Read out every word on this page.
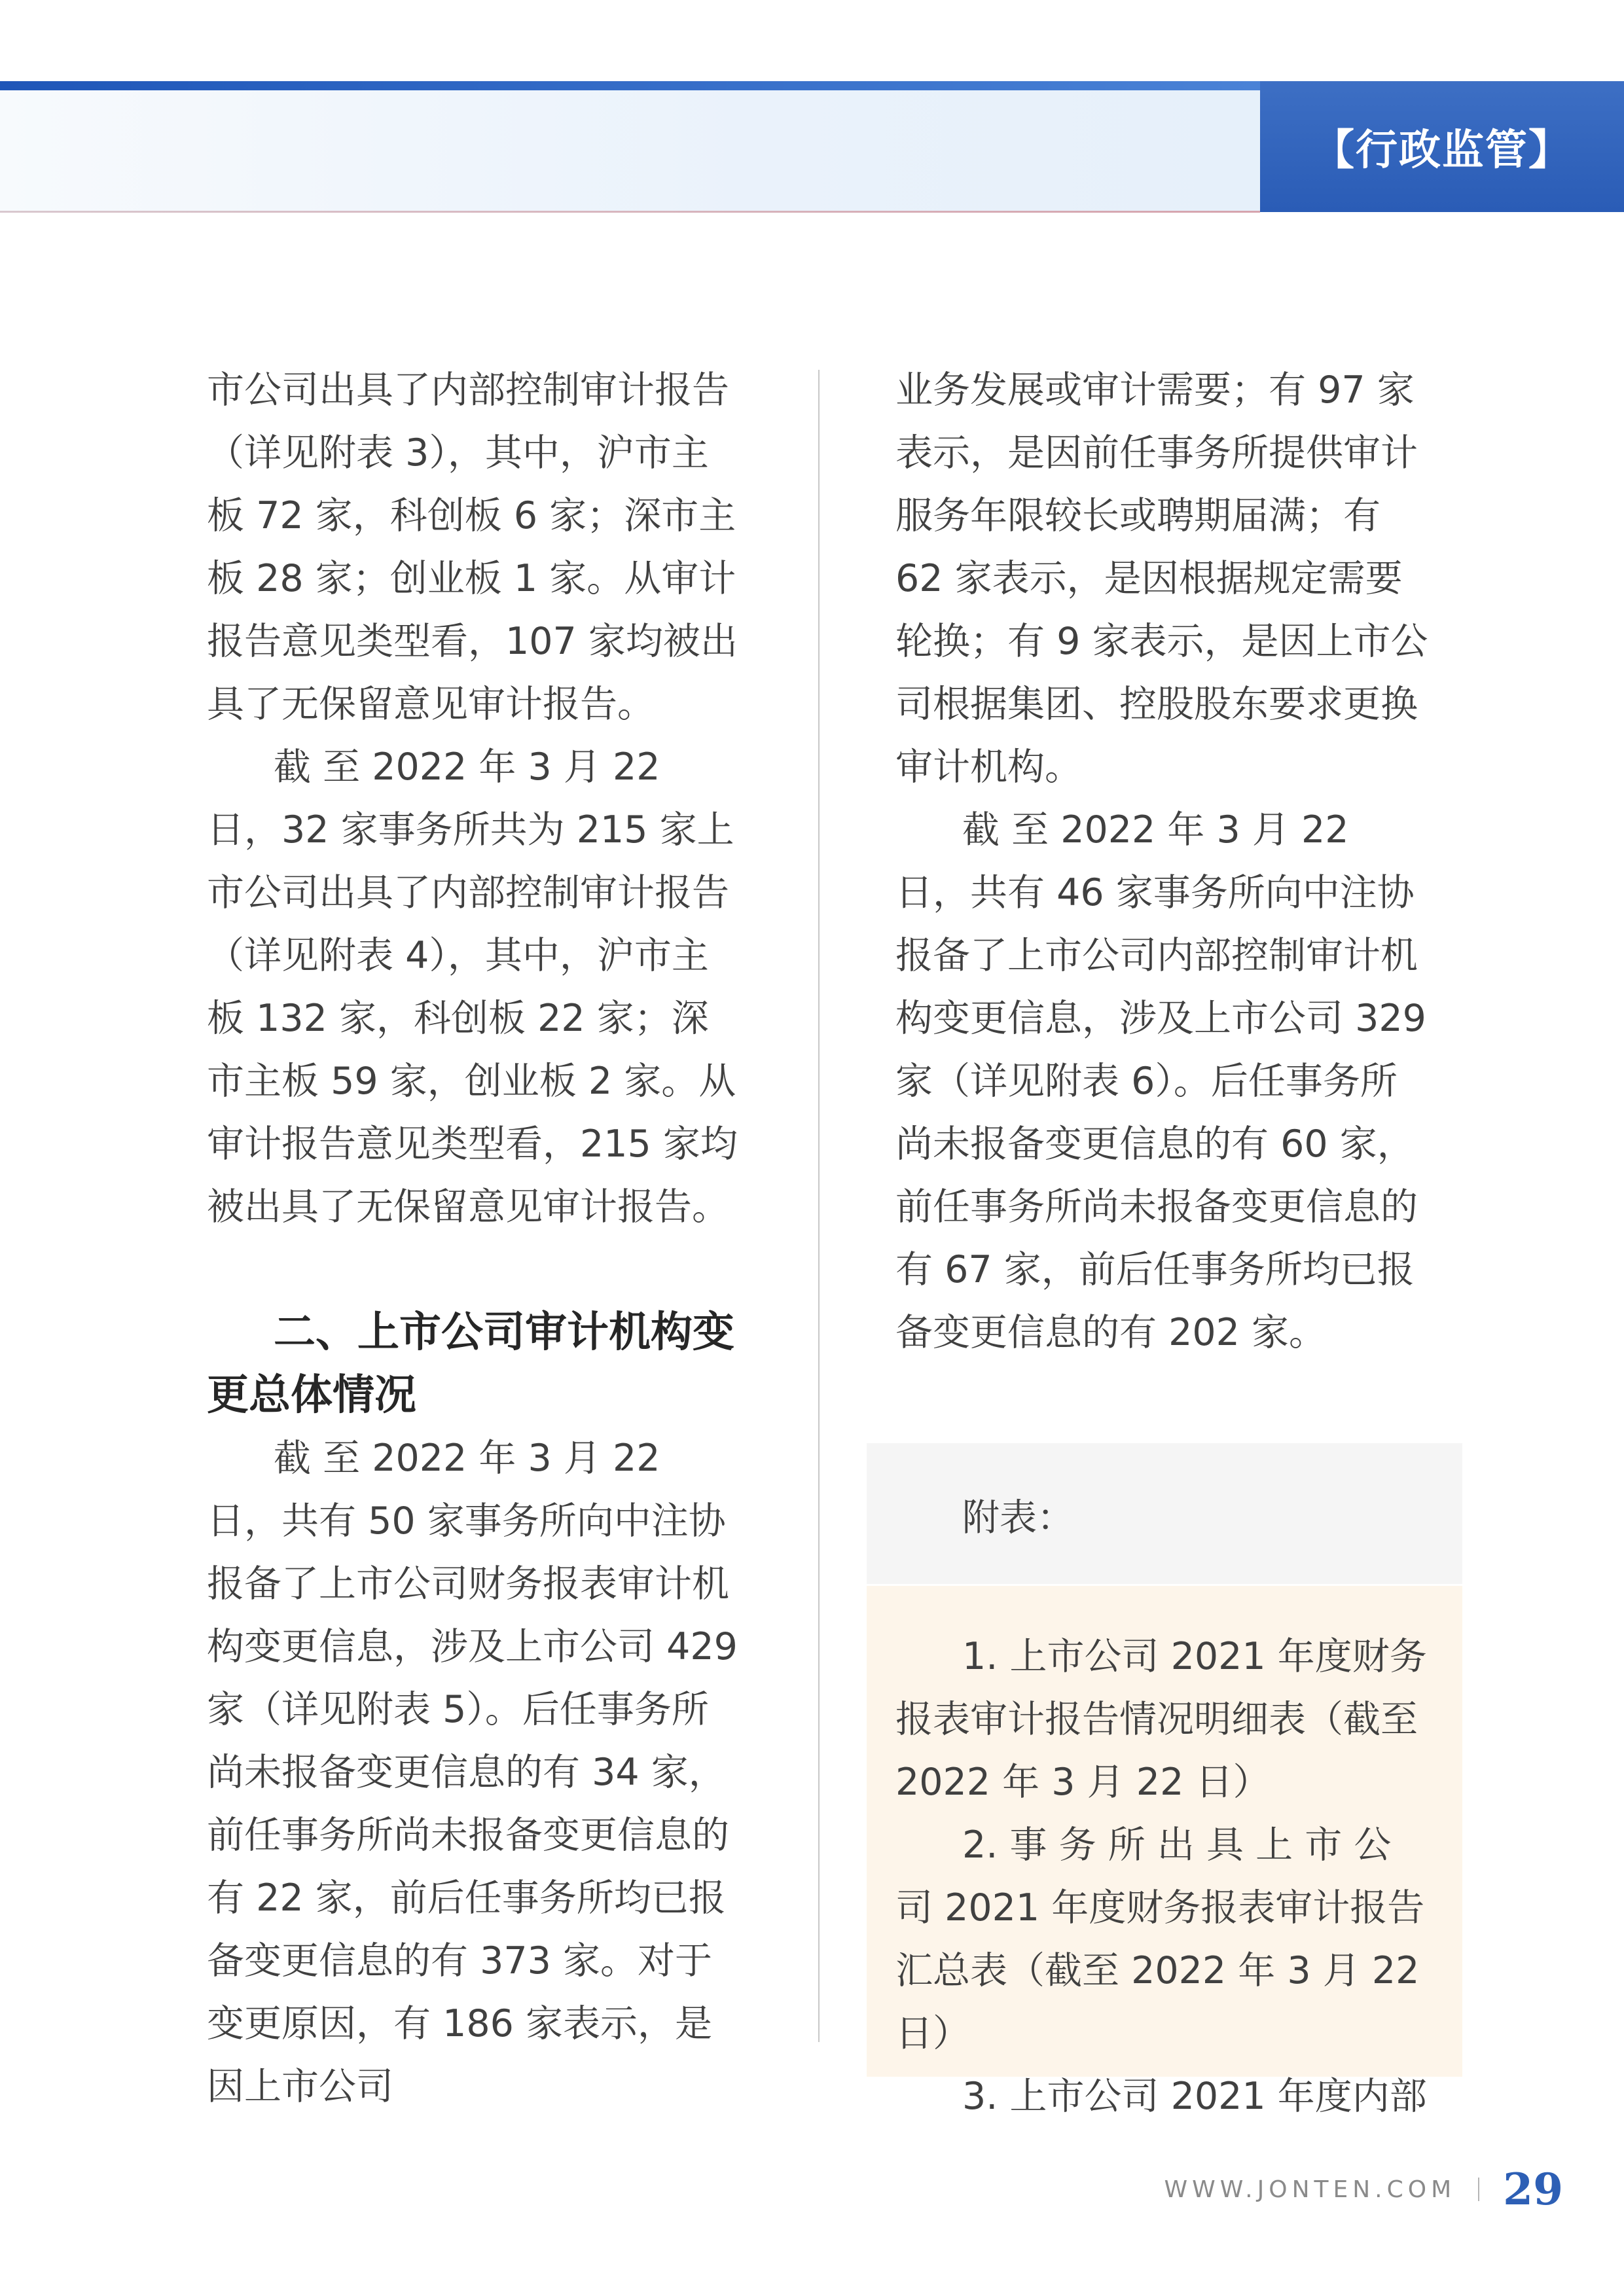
【行政监管】

市公司出具了内部控制审计报告（详见附表 3），其中，沪市主板 72 家，科创板 6 家；深市主板 28 家；创业板 1 家。从审计报告意见类型看，107 家均被出具了无保留意见审计报告。

截 至 2022 年 3 月 22 日，32 家事务所共为 215 家上市公司出具了内部控制审计报告（详见附表 4），其中，沪市主板 132 家，科创板 22 家；深市主板 59 家，创业板 2 家。从审计报告意见类型看，215 家均被出具了无保留意见审计报告。

二、上市公司审计机构变更总体情况

截 至 2022 年 3 月 22 日，共有 50 家事务所向中注协报备了上市公司财务报表审计机构变更信息，涉及上市公司 429 家（详见附表 5）。后任事务所尚未报备变更信息的有 34 家，前任事务所尚未报备变更信息的有 22 家，前后任事务所均已报备变更信息的有 373 家。对于变更原因，有 186 家表示，是因上市公司

业务发展或审计需要；有 97 家表示，是因前任事务所提供审计服务年限较长或聘期届满；有 62 家表示，是因根据规定需要轮换；有 9 家表示，是因上市公司根据集团、控股股东要求更换审计机构。

截 至 2022 年 3 月 22 日，共有 46 家事务所向中注协报备了上市公司内部控制审计机构变更信息，涉及上市公司 329 家（详见附表 6）。后任事务所尚未报备变更信息的有 60 家，前任事务所尚未报备变更信息的有 67 家，前后任事务所均已报备变更信息的有 202 家。

附表：

1. 上市公司 2021 年度财务报表审计报告情况明细表（截至 2022 年 3 月 22 日）

2. 事 务 所 出 具 上 市 公 司 2021 年度财务报表审计报告汇总表（截至 2022 年 3 月 22 日）

3. 上市公司 2021 年度内部

WWW.JONTEN.COM 29
